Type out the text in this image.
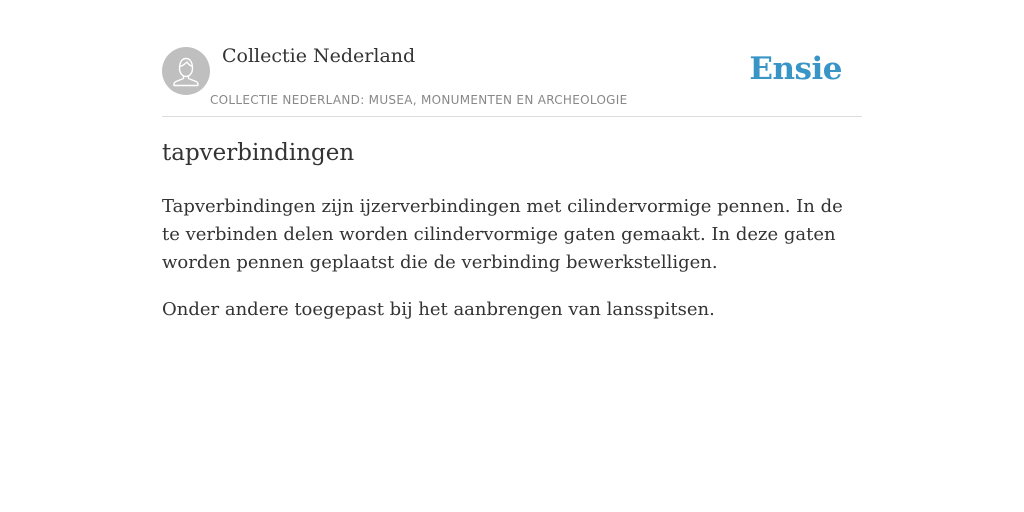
Collectie Nederland
COLLECTIE NEDERLAND: MUSEA, MONUMENTEN EN ARCHEOLOGIE
Ensie
tapverbindingen

Tapverbindingen zijn ijzerverbindingen met cilindervormige pennen. In de te verbinden delen worden cilindervormige gaten gemaakt. In deze gaten worden pennen geplaatst die de verbinding bewerkstelligen.

Onder andere toegepast bij het aanbrengen van lansspitsen.
